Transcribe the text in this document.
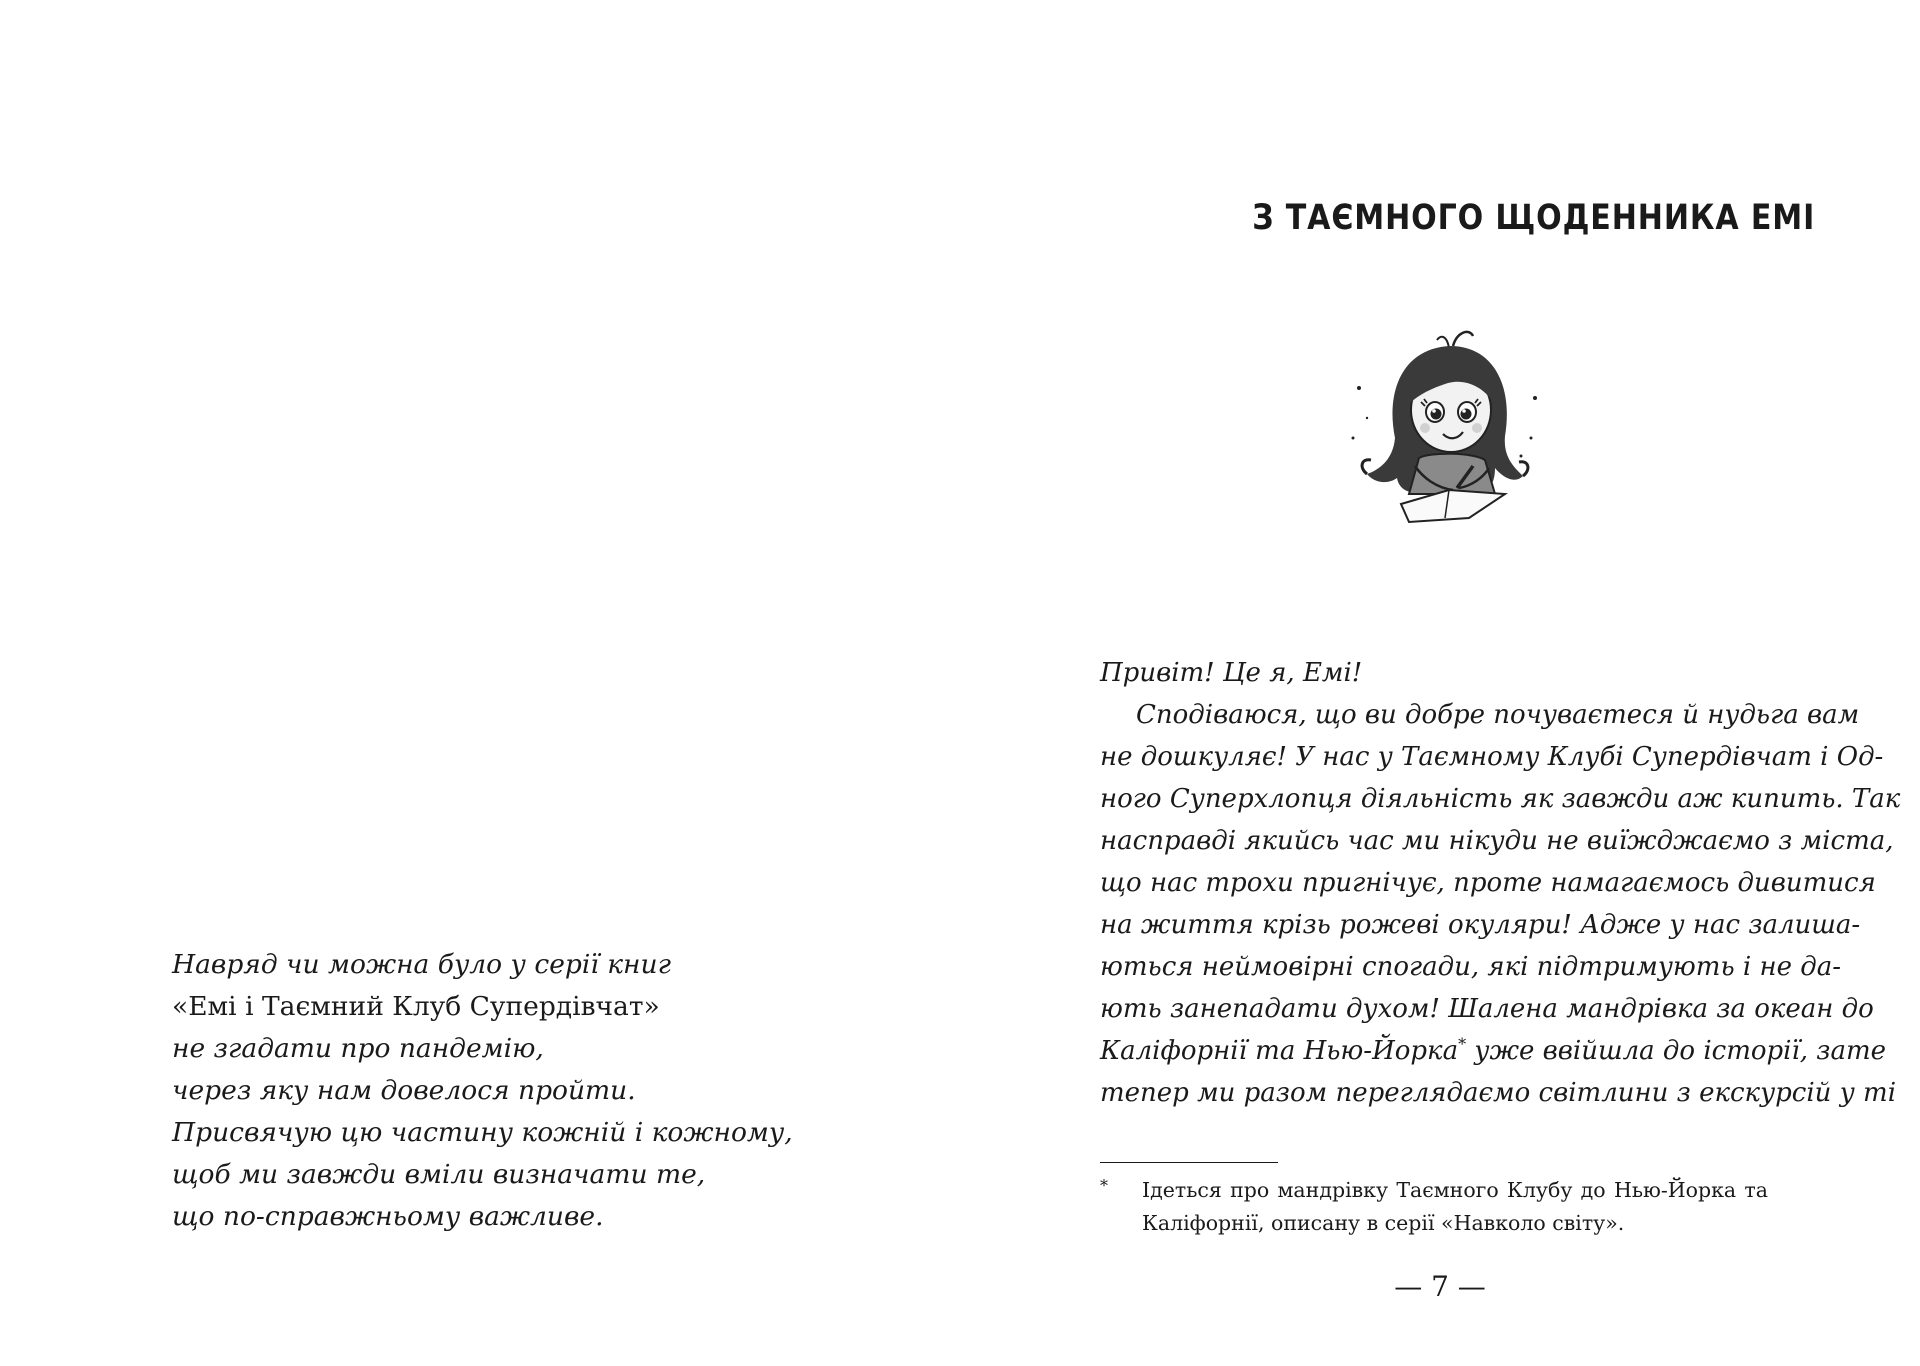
Навряд чи можна було у серії книг
«Емі і Таємний Клуб Супердівчат»
не згадати про пандемію,
через яку нам довелося пройти.
Присвячую цю частину кожній і кожному,
щоб ми завжди вміли визначати те,
що по-справжньому важливе.
З ТАЄМНОГО ЩОДЕННИКА ЕМІ
Привіт! Це я, Емі!
Сподіваюся, що ви добре почуваєтеся й нудьга вам
не дошкуляє! У нас у Таємному Клубі Супердівчат і Од-
ного Суперхлопця діяльність як завжди аж кипить. Так
насправді якийсь час ми нікуди не виїжджаємо з міста,
що нас трохи пригнічує, проте намагаємось дивитися
на життя крізь рожеві окуляри! Адже у нас залиша-
ються неймовірні спогади, які підтримують і не да-
ють занепадати духом! Шалена мандрівка за океан до
Каліфорнії та Нью-Йорка* уже ввійшла до історії, зате
тепер ми разом переглядаємо світлини з екскурсій у ті
* Ідеться про мандрівку Таємного Клубу до Нью-Йорка та Каліфорнії, описану в серії «Навколо світу».
— 7 —
